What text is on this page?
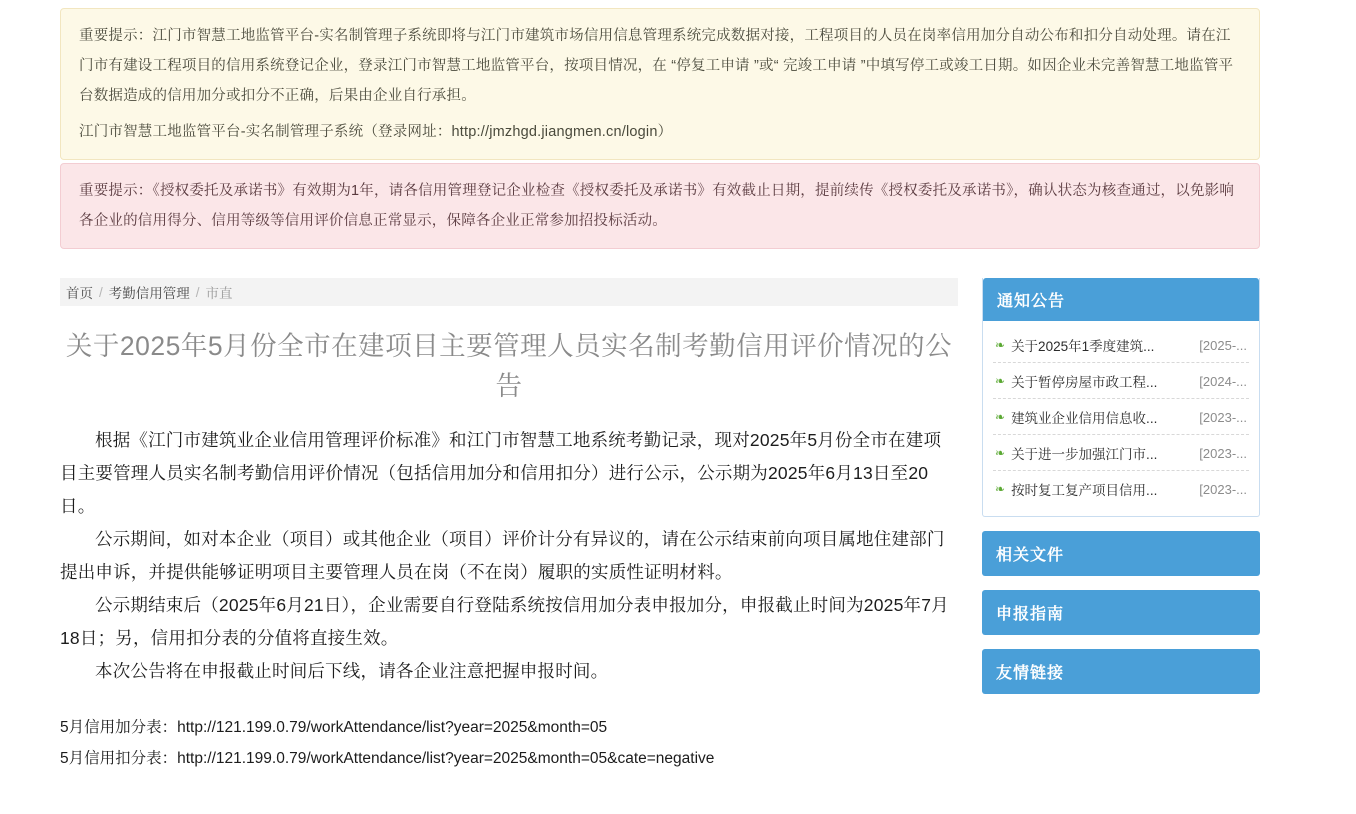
重要提示：江门市智慧工地监管平台-实名制管理子系统即将与江门市建筑市场信用信息管理系统完成数据对接，工程项目的人员在岗率信用加分自动公布和扣分自动处理。请在江门市有建设工程项目的信用系统登记企业，登录江门市智慧工地监管平台，按项目情况，在 “停复工申请 ”或“ 完竣工申请 ”中填写停工或竣工日期。如因企业未完善智慧工地监管平台数据造成的信用加分或扣分不正确，后果由企业自行承担。

江门市智慧工地监管平台-实名制管理子系统（登录网址：http://jmzhgd.jiangmen.cn/login）

重要提示：《授权委托及承诺书》有效期为1年，请各信用管理登记企业检查《授权委托及承诺书》有效截止日期，提前续传《授权委托及承诺书》，确认状态为核查通过，以免影响各企业的信用得分、信用等级等信用评价信息正常显示，保障各企业正常参加招投标活动。

首页 / 考勤信用管理 / 市直
关于2025年5月份全市在建项目主要管理人员实名制考勤信用评价情况的公告

根据《江门市建筑业企业信用管理评价标准》和江门市智慧工地系统考勤记录，现对2025年5月份全市在建项目主要管理人员实名制考勤信用评价情况（包括信用加分和信用扣分）进行公示，公示期为2025年6月13日至20日。

公示期间，如对本企业（项目）或其他企业（项目）评价计分有异议的，请在公示结束前向项目属地住建部门提出申诉，并提供能够证明项目主要管理人员在岗（不在岗）履职的实质性证明材料。

公示期结束后（2025年6月21日），企业需要自行登陆系统按信用加分表申报加分，申报截止时间为2025年7月18日；另，信用扣分表的分值将直接生效。

本次公告将在申报截止时间后下线，请各企业注意把握申报时间。

5月信用加分表：http://121.199.0.79/workAttendance/list?year=2025&month=05
5月信用扣分表：http://121.199.0.79/workAttendance/list?year=2025&month=05&cate=negative
通知公告
❧ 关于2025年1季度建筑...	[2025-...
❧ 关于暂停房屋市政工程...	[2024-...
❧ 建筑业企业信用信息收...	[2023-...
❧ 关于进一步加强江门市...	[2023-...
❧ 按时复工复产项目信用...	[2023-...
相关文件
申报指南
友情链接
